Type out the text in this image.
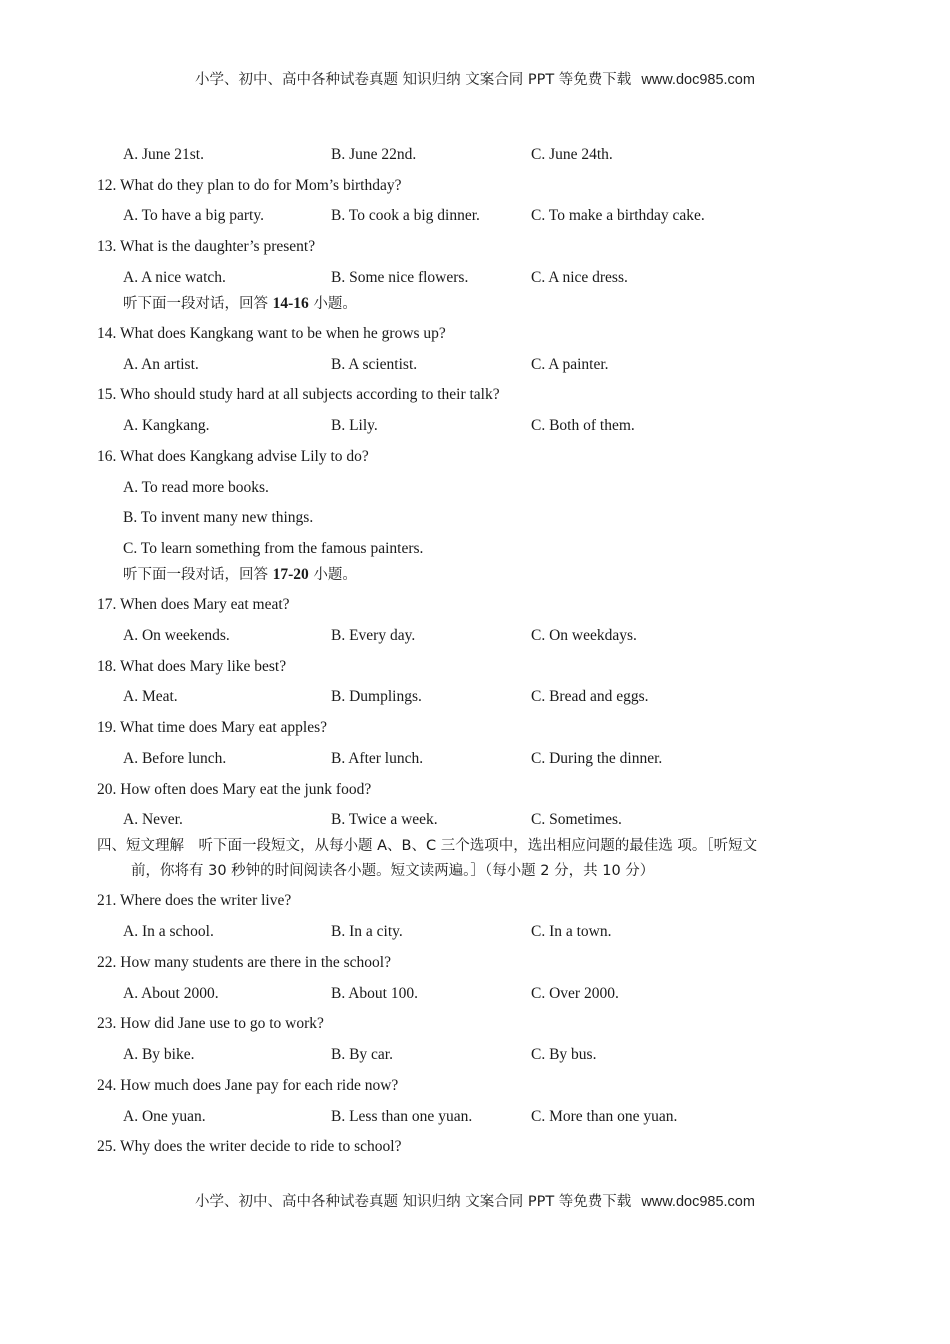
小学、初中、高中各种试卷真题 知识归纳 文案合同 PPT 等免费下载 www.doc985.com
A. June 21st.	B. June 22nd.	C. June 24th.
12. What do they plan to do for Mom’s birthday?
A. To have a big party.	B. To cook a big dinner.	C. To make a birthday cake.
13. What is the daughter’s present?
A. A nice watch.	B. Some nice flowers.	C. A nice dress.
听下面一段对话，回答 14-16 小题。
14. What does Kangkang want to be when he grows up?
A. An artist.	B. A scientist.	C. A painter.
15. Who should study hard at all subjects according to their talk?
A. Kangkang.	B. Lily.	C. Both of them.
16. What does Kangkang advise Lily to do?
A. To read more books.
B. To invent many new things.
C. To learn something from the famous painters.
听下面一段对话，回答 17-20 小题。
17. When does Mary eat meat?
A. On weekends.	B. Every day.	C. On weekdays.
18. What does Mary like best?
A. Meat.	B. Dumplings.	C. Bread and eggs.
19. What time does Mary eat apples?
A. Before lunch.	B. After lunch.	C. During the dinner.
20. How often does Mary eat the junk food?
A. Never.	B. Twice a week.	C. Sometimes.
四、短文理解　听下面一段短文，从每小题 A、B、C 三个选项中，选出相应问题的最佳选 项。［听短文
前，你将有 30 秒钟的时间阅读各小题。短文读两遍。］（每小题 2 分，共 10 分）
21. Where does the writer live?
A. In a school.	B. In a city.	C. In a town.
22. How many students are there in the school?
A. About 2000.	B. About 100.	C. Over 2000.
23. How did Jane use to go to work?
A. By bike.	B. By car.	C. By bus.
24. How much does Jane pay for each ride now?
A. One yuan.	B. Less than one yuan.	C. More than one yuan.
25. Why does the writer decide to ride to school?
小学、初中、高中各种试卷真题 知识归纳 文案合同 PPT 等免费下载 www.doc985.com
